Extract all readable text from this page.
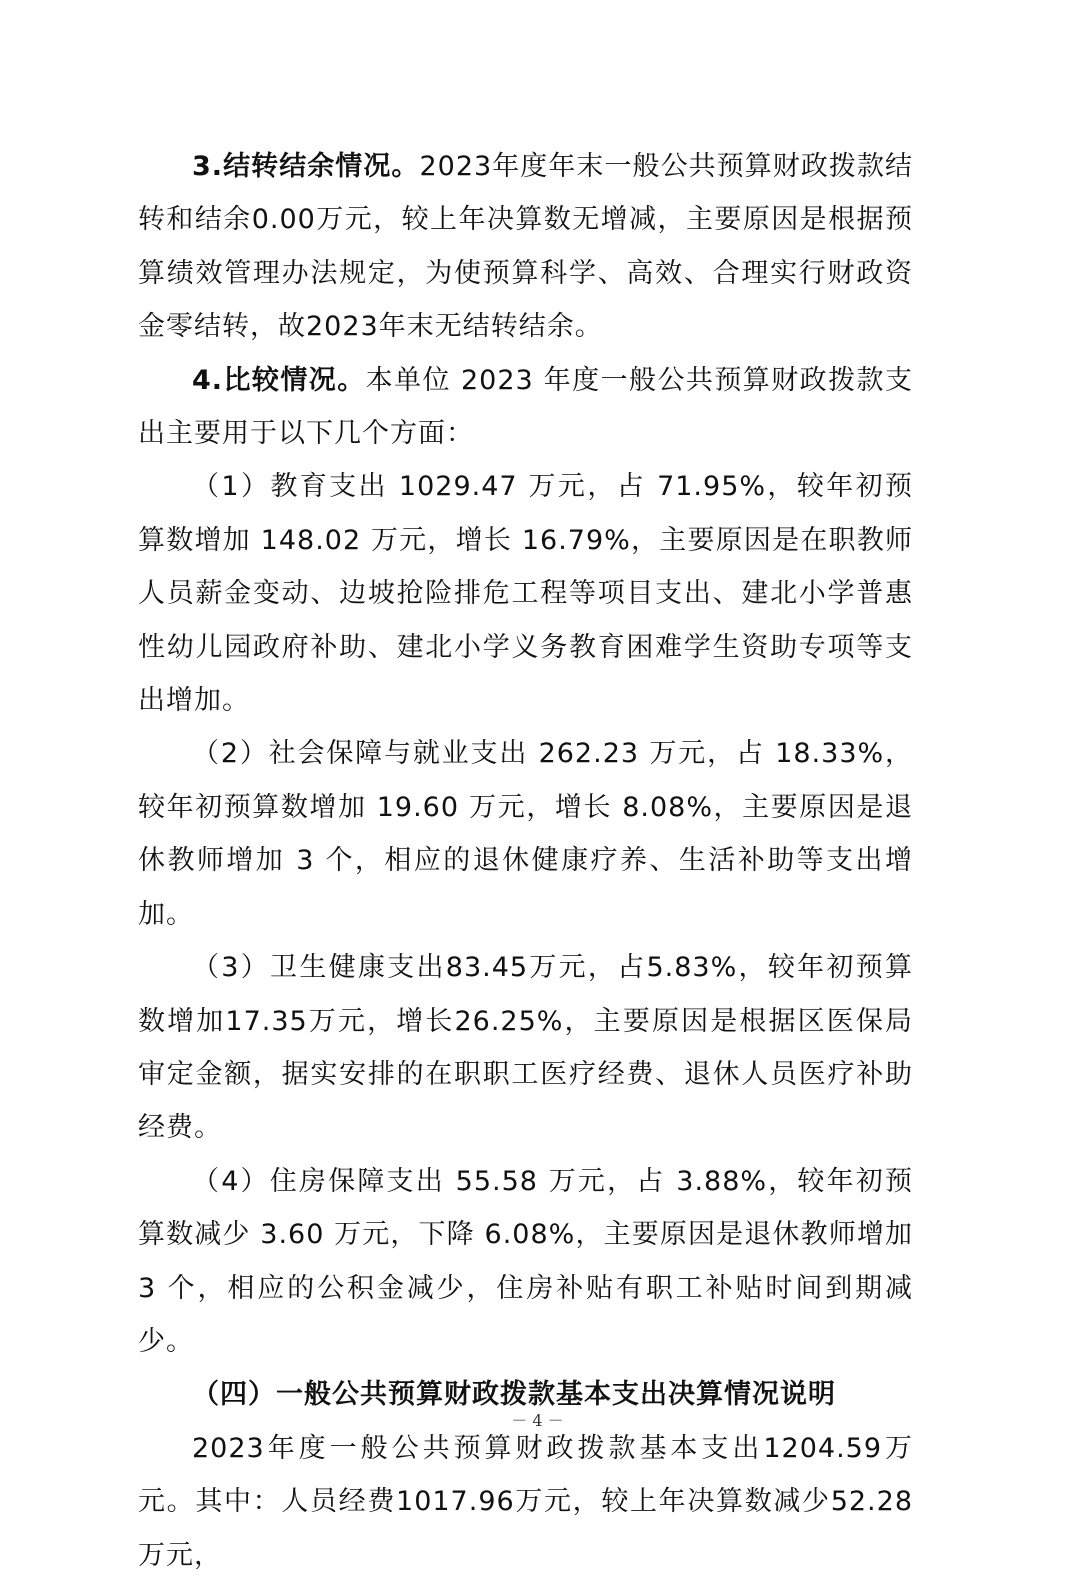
3.结转结余情况。2023年度年末一般公共预算财政拨款结转和结余0.00万元，较上年决算数无增减，主要原因是根据预算绩效管理办法规定，为使预算科学、高效、合理实行财政资金零结转，故2023年末无结转结余。

4.比较情况。本单位 2023 年度一般公共预算财政拨款支出主要用于以下几个方面：

（1）教育支出 1029.47 万元，占 71.95%，较年初预算数增加 148.02 万元，增长 16.79%，主要原因是在职教师人员薪金变动、边坡抢险排危工程等项目支出、建北小学普惠性幼儿园政府补助、建北小学义务教育困难学生资助专项等支出增加。

（2）社会保障与就业支出 262.23 万元，占 18.33%，较年初预算数增加 19.60 万元，增长 8.08%，主要原因是退休教师增加 3 个，相应的退休健康疗养、生活补助等支出增加。

（3）卫生健康支出83.45万元，占5.83%，较年初预算数增加17.35万元，增长26.25%，主要原因是根据区医保局审定金额，据实安排的在职职工医疗经费、退休人员医疗补助经费。

（4）住房保障支出 55.58 万元，占 3.88%，较年初预算数减少 3.60 万元，下降 6.08%，主要原因是退休教师增加 3 个，相应的公积金减少，住房补贴有职工补贴时间到期减少。

（四）一般公共预算财政拨款基本支出决算情况说明

2023年度一般公共预算财政拨款基本支出1204.59万元。其中：人员经费1017.96万元，较上年决算数减少52.28万元，

－ 4 －
